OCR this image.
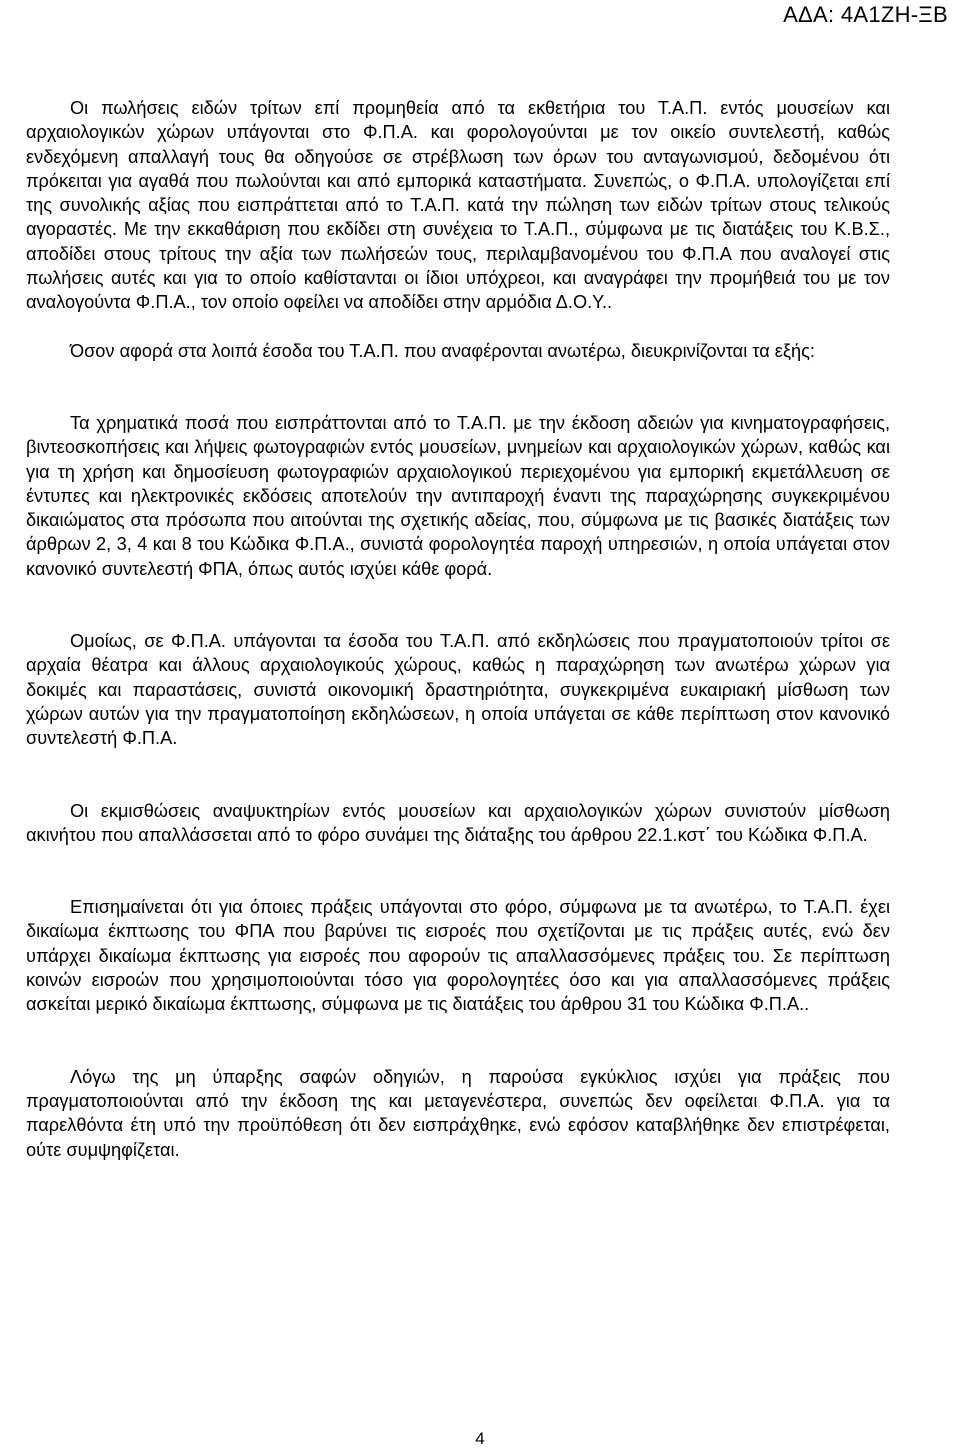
ΑΔΑ: 4Α1ΖΗ-ΞΒ

Οι πωλήσεις ειδών τρίτων επί προμηθεία από τα εκθετήρια του Τ.Α.Π. εντός μουσείων και αρχαιολογικών χώρων υπάγονται στο Φ.Π.Α. και φορολογούνται με τον οικείο συντελεστή, καθώς ενδεχόμενη απαλλαγή τους θα οδηγούσε σε στρέβλωση των όρων του ανταγωνισμού, δεδομένου ότι πρόκειται για αγαθά που πωλούνται και από εμπορικά καταστήματα. Συνεπώς, ο Φ.Π.Α. υπολογίζεται επί της συνολικής αξίας που εισπράττεται από το Τ.Α.Π. κατά την πώληση των ειδών τρίτων στους τελικούς αγοραστές. Με την εκκαθάριση που εκδίδει στη συνέχεια το Τ.Α.Π., σύμφωνα με τις διατάξεις του Κ.Β.Σ., αποδίδει στους τρίτους την αξία των πωλήσεών τους, περιλαμβανομένου του Φ.Π.Α που αναλογεί στις πωλήσεις αυτές και για το οποίο καθίστανται οι ίδιοι υπόχρεοι, και αναγράφει την προμήθειά του με τον αναλογούντα Φ.Π.Α., τον οποίο οφείλει να αποδίδει στην αρμόδια Δ.Ο.Υ..

Όσον αφορά στα λοιπά έσοδα του Τ.Α.Π. που αναφέρονται ανωτέρω, διευκρινίζονται τα εξής:

Τα χρηματικά ποσά που εισπράττονται από το Τ.Α.Π. με την έκδοση αδειών για κινηματογραφήσεις, βιντεοσκοπήσεις και λήψεις φωτογραφιών εντός μουσείων, μνημείων και αρχαιολογικών χώρων, καθώς και για τη χρήση και δημοσίευση φωτογραφιών αρχαιολογικού περιεχομένου για εμπορική εκμετάλλευση σε έντυπες και ηλεκτρονικές εκδόσεις αποτελούν την αντιπαροχή έναντι της παραχώρησης συγκεκριμένου δικαιώματος στα πρόσωπα που αιτούνται της σχετικής αδείας, που, σύμφωνα με τις βασικές διατάξεις των άρθρων 2, 3, 4 και 8 του Κώδικα Φ.Π.Α., συνιστά φορολογητέα παροχή υπηρεσιών, η οποία υπάγεται στον κανονικό συντελεστή ΦΠΑ, όπως αυτός ισχύει κάθε φορά.

Ομοίως, σε Φ.Π.Α. υπάγονται τα έσοδα του Τ.Α.Π. από εκδηλώσεις που πραγματοποιούν τρίτοι σε αρχαία θέατρα και άλλους αρχαιολογικούς χώρους, καθώς η παραχώρηση των ανωτέρω χώρων για δοκιμές και παραστάσεις, συνιστά οικονομική δραστηριότητα, συγκεκριμένα ευκαιριακή μίσθωση των χώρων αυτών για την πραγματοποίηση εκδηλώσεων, η οποία υπάγεται σε κάθε περίπτωση στον κανονικό συντελεστή Φ.Π.Α.

Οι εκμισθώσεις αναψυκτηρίων εντός μουσείων και αρχαιολογικών χώρων συνιστούν μίσθωση ακινήτου που απαλλάσσεται από το φόρο συνάμει της διάταξης του άρθρου 22.1.κστ΄ του Κώδικα Φ.Π.Α.

Επισημαίνεται ότι για όποιες πράξεις υπάγονται στο φόρο, σύμφωνα με τα ανωτέρω, το Τ.Α.Π. έχει δικαίωμα έκπτωσης του ΦΠΑ που βαρύνει τις εισροές που σχετίζονται με τις πράξεις αυτές, ενώ δεν υπάρχει δικαίωμα έκπτωσης για εισροές που αφορούν τις απαλλασσόμενες πράξεις του. Σε περίπτωση κοινών εισροών που χρησιμοποιούνται τόσο για φορολογητέες όσο και για απαλλασσόμενες πράξεις ασκείται μερικό δικαίωμα έκπτωσης, σύμφωνα με τις διατάξεις του άρθρου 31 του Κώδικα Φ.Π.Α..

Λόγω της μη ύπαρξης σαφών οδηγιών, η παρούσα εγκύκλιος ισχύει για πράξεις που πραγματοποιούνται από την έκδοση της και μεταγενέστερα, συνεπώς δεν οφείλεται Φ.Π.Α. για τα παρελθόντα έτη υπό την προϋπόθεση ότι δεν εισπράχθηκε, ενώ εφόσον καταβλήθηκε δεν επιστρέφεται, ούτε συμψηφίζεται.

4
